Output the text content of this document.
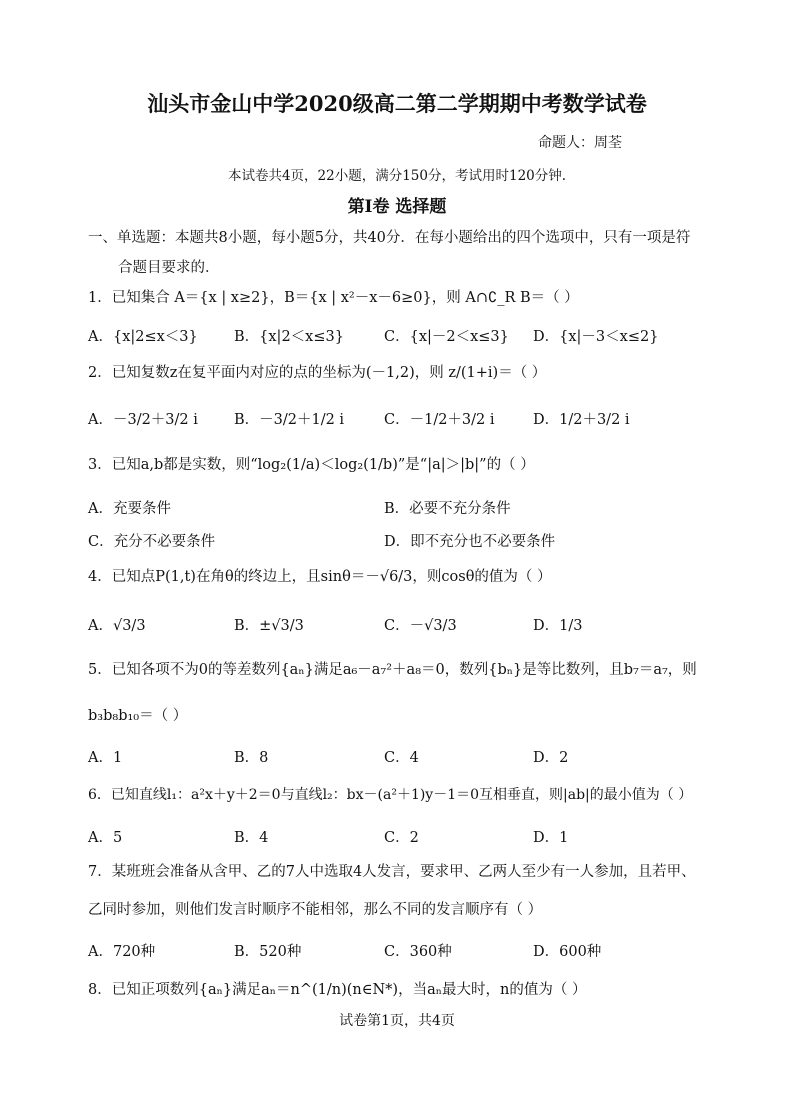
汕头市金山中学2020级高二第二学期期中考数学试卷
命题人：周荃
本试卷共4页，22小题，满分150分，考试用时120分钟.
第Ⅰ卷 选择题
一、单选题：本题共8小题，每小题5分，共40分．在每小题给出的四个选项中，只有一项是符
合题目要求的．
1．已知集合 A＝{x | x≥2}，B＝{x | x²－x－6≥0}，则 A∩∁_R B＝（ ）
A．{x|2≤x＜3} B．{x|2＜x≤3}	C．{x|－2＜x≤3} D．{x|－3＜x≤2}
2．已知复数z在复平面内对应的点的坐标为(－1,2)，则 z/(1+i)＝（ ）
A．－3/2＋3/2 i B．－3/2＋1/2 i	C．－1/2＋3/2 i	D．1/2＋3/2 i
3．已知a,b都是实数，则“log₂(1/a)＜log₂(1/b)”是“|a|＞|b|”的（ ）
A．充要条件	B．必要不充分条件
C．充分不必要条件	D．即不充分也不必要条件
4．已知点P(1,t)在角θ的终边上，且sinθ＝－√6/3，则cosθ的值为（ ）
A．√3/3	B．±√3/3	C．－√3/3	D．1/3
5．已知各项不为0的等差数列{aₙ}满足a₆－a₇²＋a₈＝0，数列{bₙ}是等比数列，且b₇＝a₇，则
b₃b₈b₁₀＝（ ）
A．1	B．8	C．4	D．2
6．已知直线l₁：a²x＋y＋2＝0与直线l₂：bx－(a²＋1)y－1＝0互相垂直，则|ab|的最小值为（ ）
A．5	B．4	C．2	D．1
7．某班班会准备从含甲、乙的7人中选取4人发言，要求甲、乙两人至少有一人参加，且若甲、
乙同时参加，则他们发言时顺序不能相邻，那么不同的发言顺序有（ ）
A．720种	B．520种	C．360种	D．600种
8．已知正项数列{aₙ}满足aₙ＝n^(1/n)(n∈N*)，当aₙ最大时，n的值为（ ）
试卷第1页，共4页
